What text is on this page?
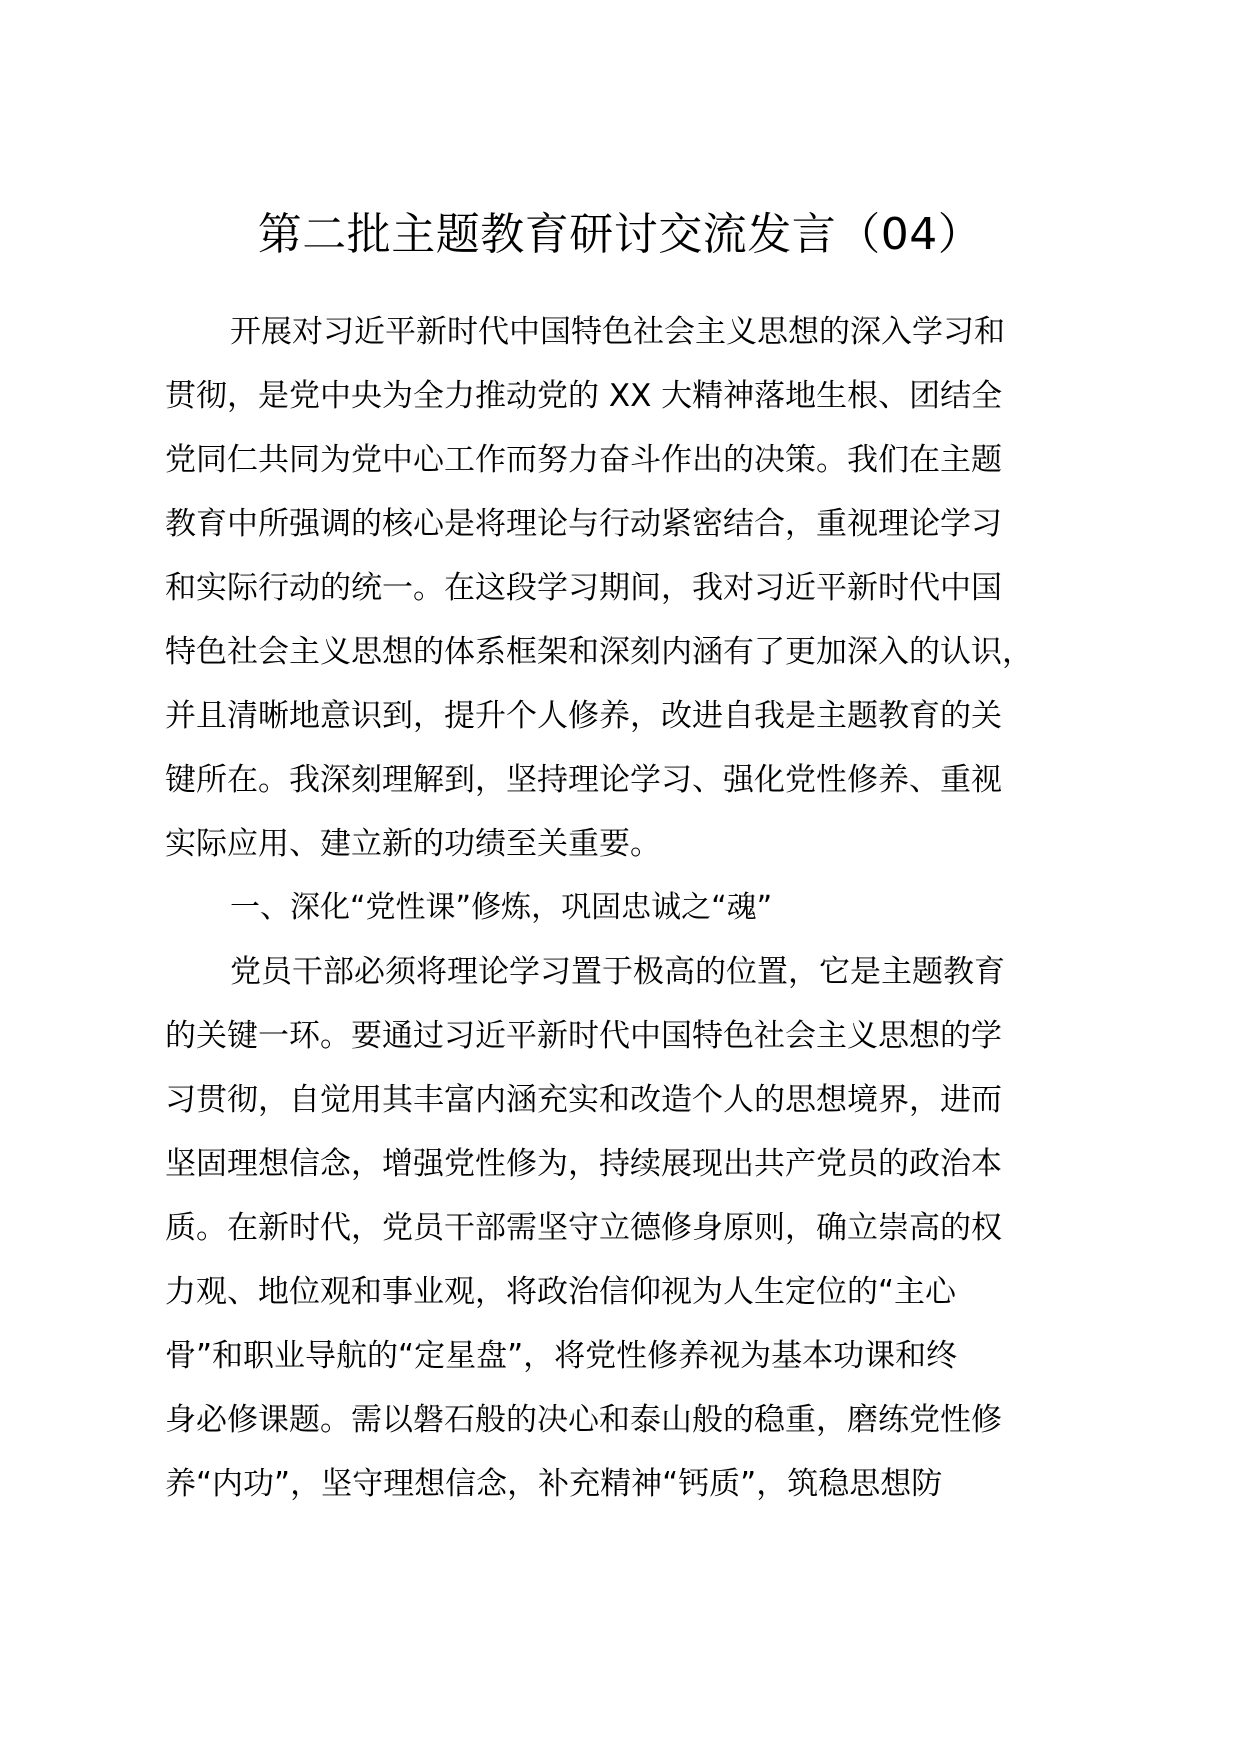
第二批主题教育研讨交流发言（04）
开展对习近平新时代中国特色社会主义思想的深入学习和
贯彻，是党中央为全力推动党的 XX 大精神落地生根、团结全
党同仁共同为党中心工作而努力奋斗作出的决策。我们在主题
教育中所强调的核心是将理论与行动紧密结合，重视理论学习
和实际行动的统一。在这段学习期间，我对习近平新时代中国
特色社会主义思想的体系框架和深刻内涵有了更加深入的认识，
并且清晰地意识到，提升个人修养，改进自我是主题教育的关
键所在。我深刻理解到，坚持理论学习、强化党性修养、重视
实际应用、建立新的功绩至关重要。
一、深化“党性课”修炼，巩固忠诚之“魂”
党员干部必须将理论学习置于极高的位置，它是主题教育
的关键一环。要通过习近平新时代中国特色社会主义思想的学
习贯彻，自觉用其丰富内涵充实和改造个人的思想境界，进而
坚固理想信念，增强党性修为，持续展现出共产党员的政治本
质。在新时代，党员干部需坚守立德修身原则，确立崇高的权
力观、地位观和事业观，将政治信仰视为人生定位的“主心
骨”和职业导航的“定星盘”，将党性修养视为基本功课和终
身必修课题。需以磐石般的决心和泰山般的稳重，磨练党性修
养“内功”，坚守理想信念，补充精神“钙质”，筑稳思想防
